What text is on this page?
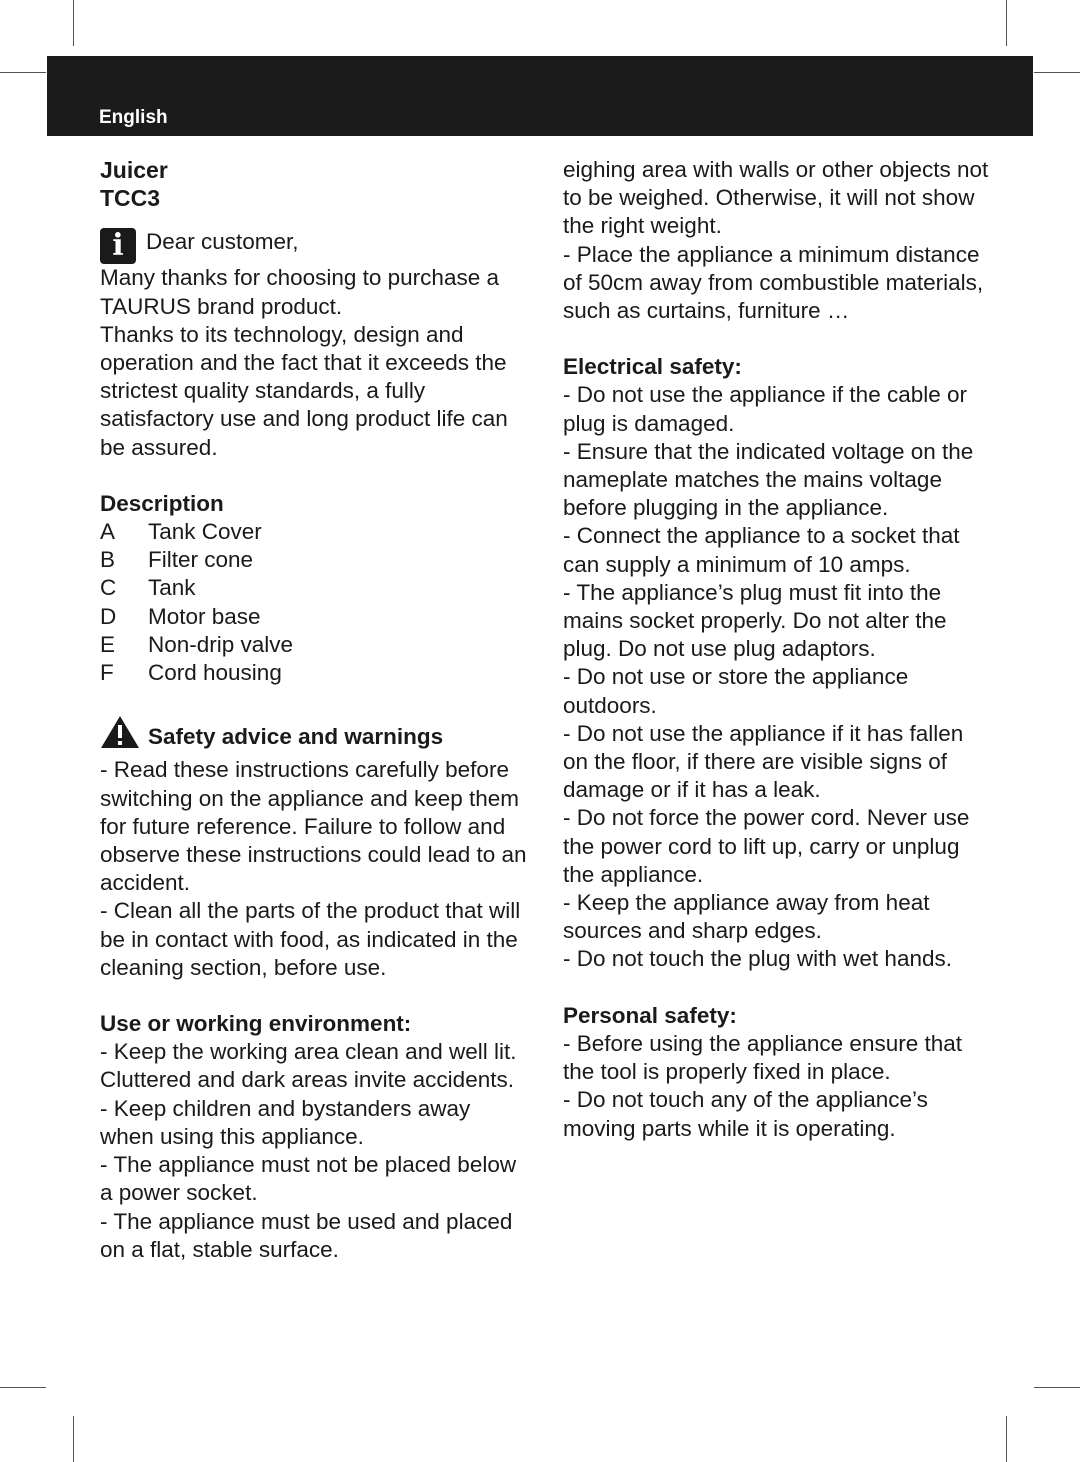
English

Juicer

TCC3

i Dear customer,

Many thanks for choosing to purchase a TAURUS brand product.

Thanks to its technology, design and operation and the fact that it exceeds the strictest quality standards, a fully satisfactory use and long product life can be assured.

Description

A	Tank Cover
B	Filter cone
C	Tank
D	Motor base
E	Non-drip valve
F	Cord housing

Safety advice and warnings

- Read these instructions carefully before switching on the appliance and keep them for future reference. Failure to follow and observe these instructions could lead to an accident.

- Clean all the parts of the product that will be in contact with food, as indicated in the cleaning section, before use.

Use or working environment:

- Keep the working area clean and well lit. Cluttered and dark areas invite accidents.

- Keep children and bystanders away when using this appliance.

- The appliance must not be placed below a power socket.

- The appliance must be used and placed on a flat, stable surface.

eighing area with walls or other objects not to be weighed. Otherwise, it will not show the right weight.

- Place the appliance a minimum distance of 50cm away from combustible materials, such as curtains, furniture …

Electrical safety:

- Do not use the appliance if the cable or plug is damaged.

- Ensure that the indicated voltage on the nameplate matches the mains voltage before plugging in the appliance.

- Connect the appliance to a socket that can supply a minimum of 10 amps.

- The appliance’s plug must fit into the mains socket properly. Do not alter the plug. Do not use plug adaptors.

- Do not use or store the appliance outdoors.

- Do not use the appliance if it has fallen on the floor, if there are visible signs of damage or if it has a leak.

- Do not force the power cord. Never use the power cord to lift up, carry or unplug the appliance.

- Keep the appliance away from heat sources and sharp edges.

- Do not touch the plug with wet hands.

Personal safety:

- Before using the appliance ensure that the tool is properly fixed in place.

- Do not touch any of the appliance’s moving parts while it is operating.
